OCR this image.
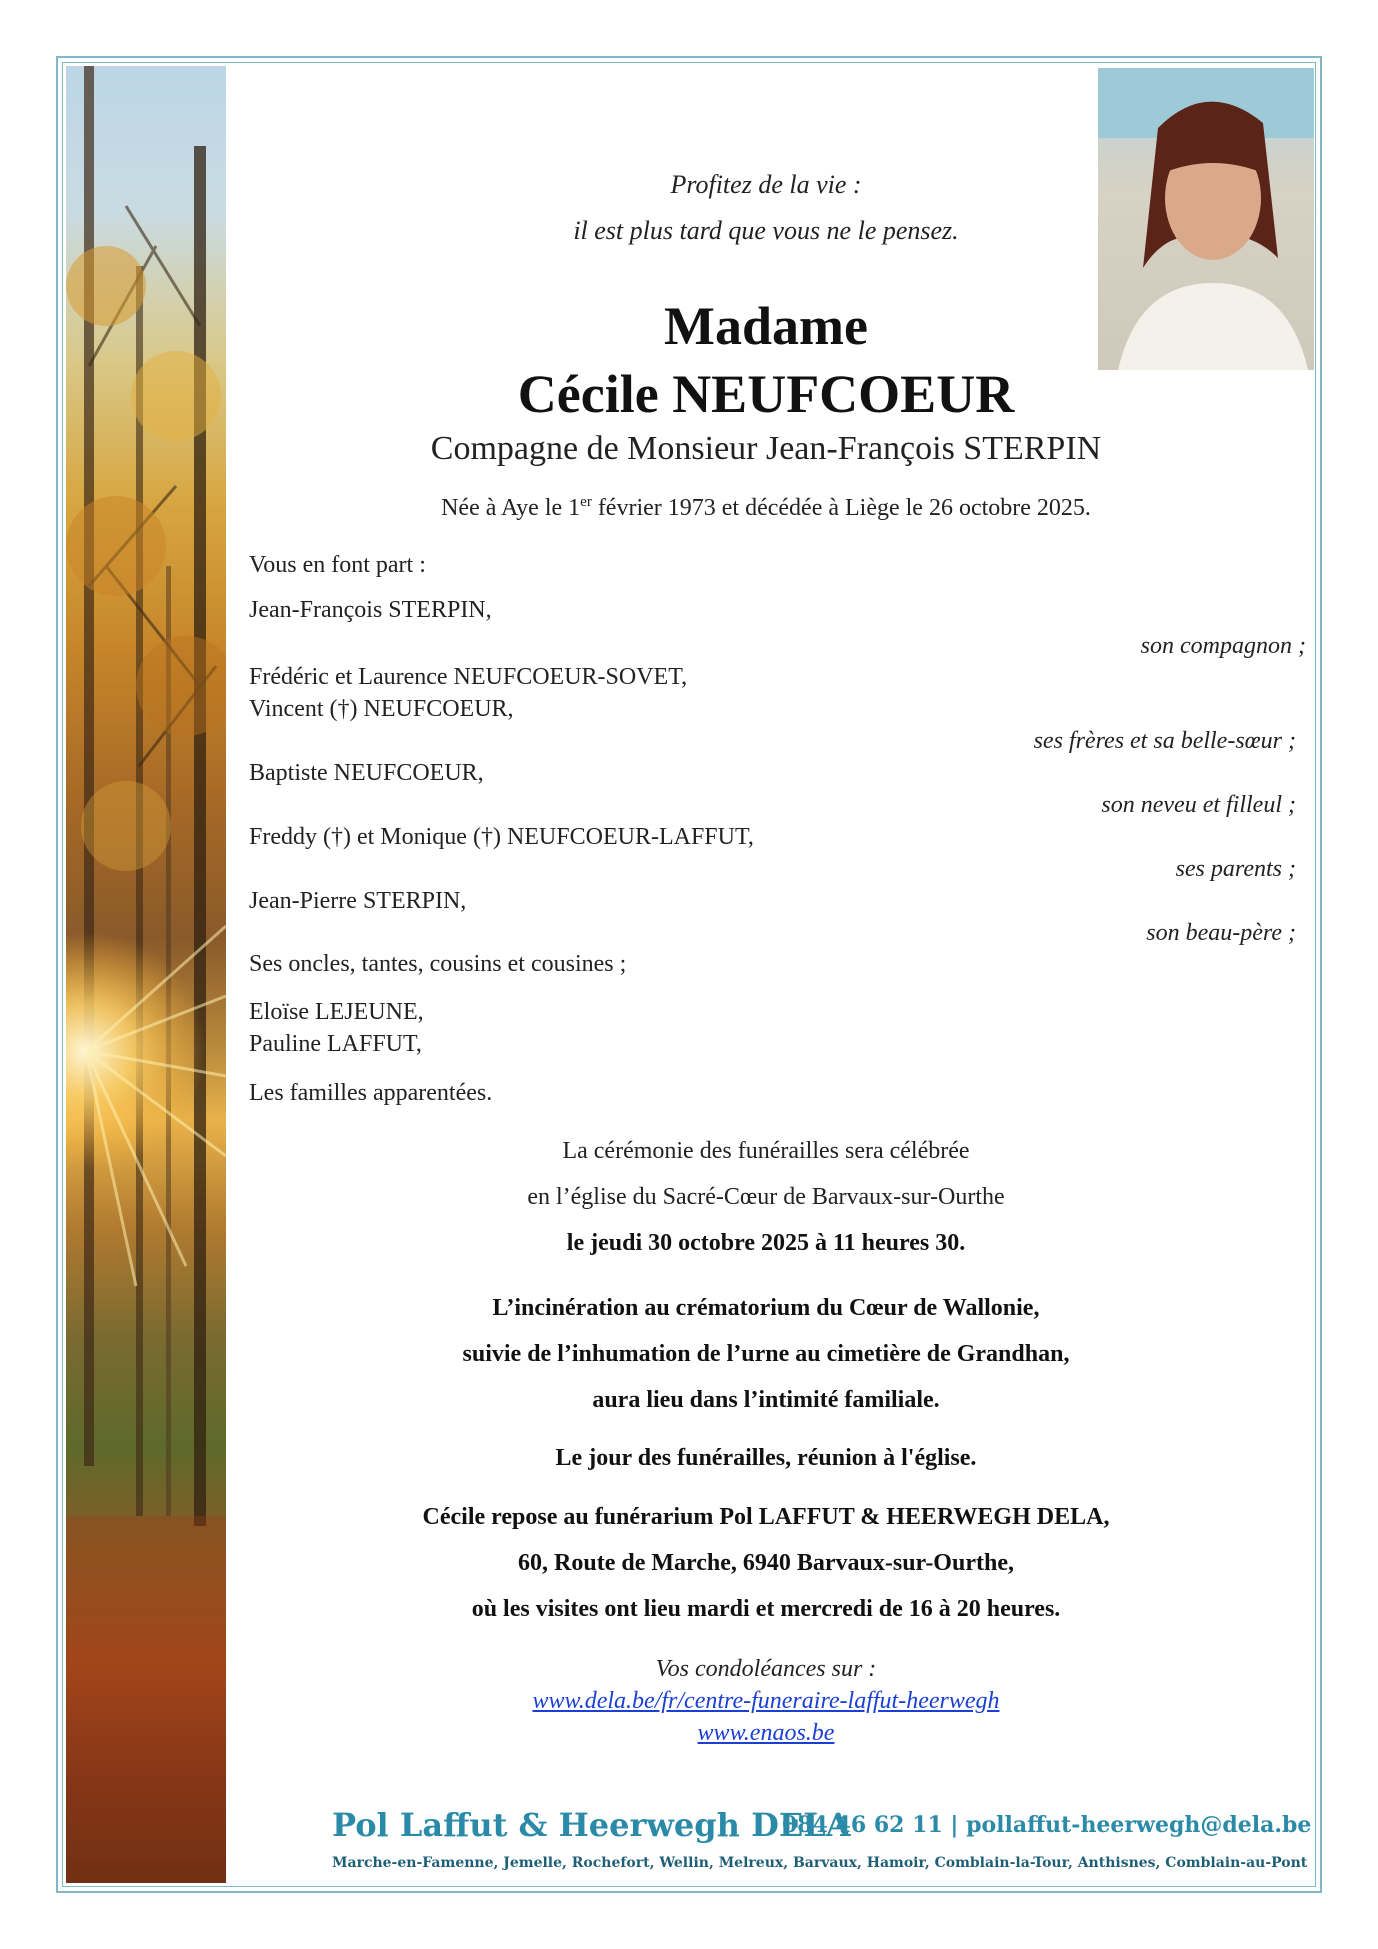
Profitez de la vie :
il est plus tard que vous ne le pensez.
Madame
Cécile NEUFCOEUR
Compagne de Monsieur Jean-François STERPIN
Née à Aye le 1er février 1973 et décédée à Liège le 26 octobre 2025.
Vous en font part :
Jean-François STERPIN,
son compagnon ;
Frédéric et Laurence NEUFCOEUR-SOVET,
Vincent (†) NEUFCOEUR,
ses frères et sa belle-sœur ;
Baptiste NEUFCOEUR,
son neveu et filleul ;
Freddy (†) et Monique (†) NEUFCOEUR-LAFFUT,
ses parents ;
Jean-Pierre STERPIN,
son beau-père ;
Ses oncles, tantes, cousins et cousines ;
Eloïse LEJEUNE,
Pauline LAFFUT,
Les familles apparentées.
La cérémonie des funérailles sera célébrée
en l’église du Sacré-Cœur de Barvaux-sur-Ourthe
le jeudi 30 octobre 2025 à 11 heures 30.
L’incinération au crématorium du Cœur de Wallonie,
suivie de l’inhumation de l’urne au cimetière de Grandhan,
aura lieu dans l’intimité familiale.
Le jour des funérailles, réunion à l'église.
Cécile repose au funérarium Pol LAFFUT & HEERWEGH DELA,
60, Route de Marche, 6940 Barvaux-sur-Ourthe,
où les visites ont lieu mardi et mercredi de 16 à 20 heures.
Vos condoléances sur :
www.dela.be/fr/centre-funeraire-laffut-heerwegh
www.enaos.be
Pol Laffut & Heerwegh DELA
084 46 62 11 | pollaffut-heerwegh@dela.be
Marche-en-Famenne, Jemelle, Rochefort, Wellin, Melreux, Barvaux, Hamoir, Comblain-la-Tour, Anthisnes, Comblain-au-Pont
